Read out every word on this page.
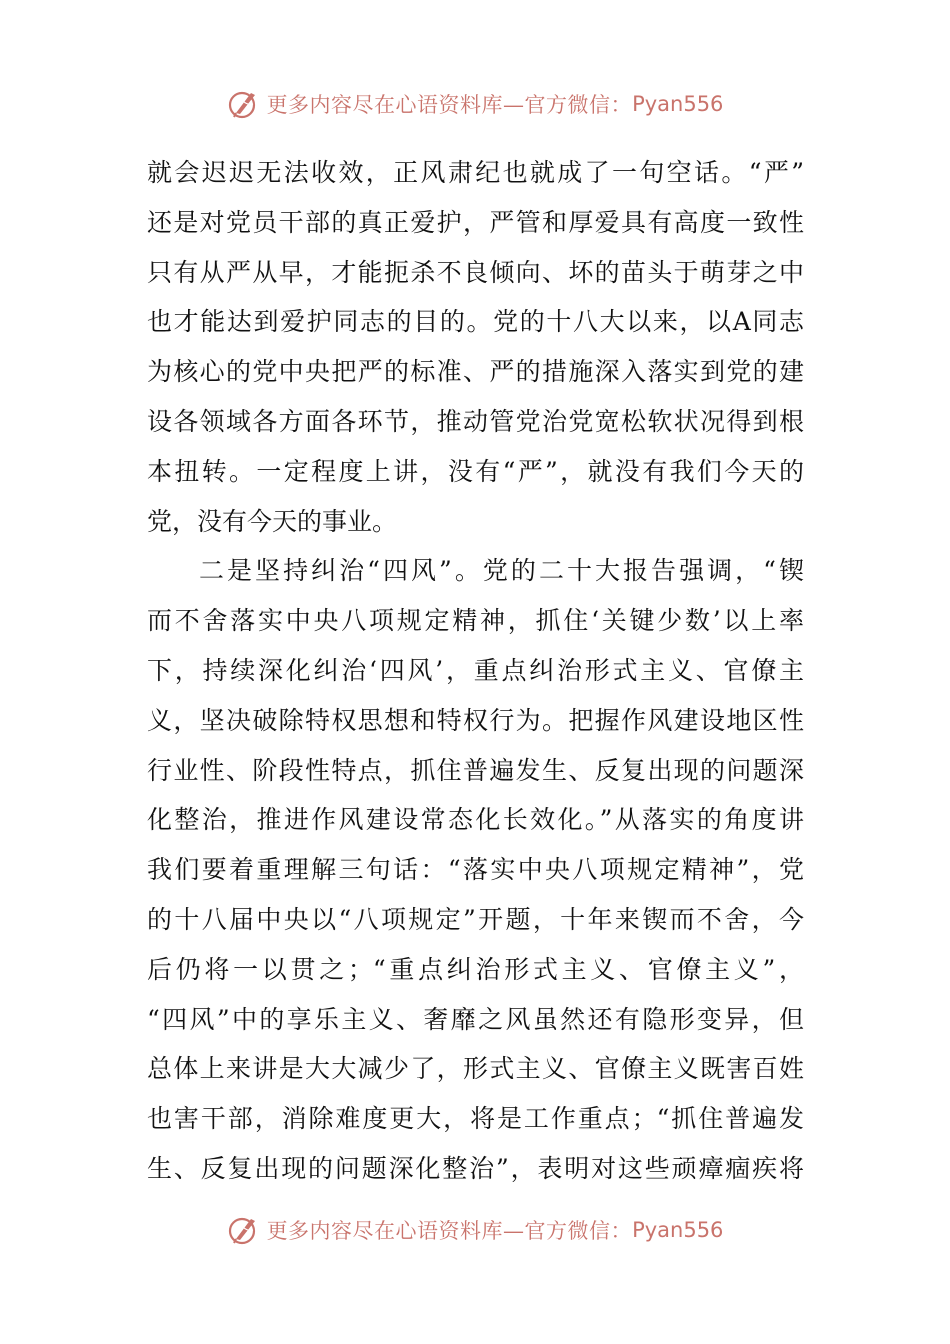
更多内容尽在心语资料库—官方微信： Pyan556
就会迟迟无法收效，正风肃纪也就成了一句空话。“严”
还是对党员干部的真正爱护，严管和厚爱具有高度一致性
只有从严从早，才能扼杀不良倾向、坏的苗头于萌芽之中
也才能达到爱护同志的目的。党的十八大以来，以A同志
为核心的党中央把严的标准、严的措施深入落实到党的建
设各领域各方面各环节，推动管党治党宽松软状况得到根
本扭转。一定程度上讲，没有“严”，就没有我们今天的
党，没有今天的事业。
二是坚持纠治“四风”。党的二十大报告强调，“锲
而不舍落实中央八项规定精神，抓住‘关键少数’以上率
下，持续深化纠治‘四风’，重点纠治形式主义、官僚主
义，坚决破除特权思想和特权行为。把握作风建设地区性
行业性、阶段性特点，抓住普遍发生、反复出现的问题深
化整治，推进作风建设常态化长效化。”从落实的角度讲
我们要着重理解三句话：“落实中央八项规定精神”，党
的十八届中央以“八项规定”开题，十年来锲而不舍，今
后仍将一以贯之；“重点纠治形式主义、官僚主义”，
“四风”中的享乐主义、奢靡之风虽然还有隐形变异，但
总体上来讲是大大减少了，形式主义、官僚主义既害百姓
也害干部，消除难度更大，将是工作重点；“抓住普遍发
生、反复出现的问题深化整治”，表明对这些顽瘴痼疾将
更多内容尽在心语资料库—官方微信： Pyan556
